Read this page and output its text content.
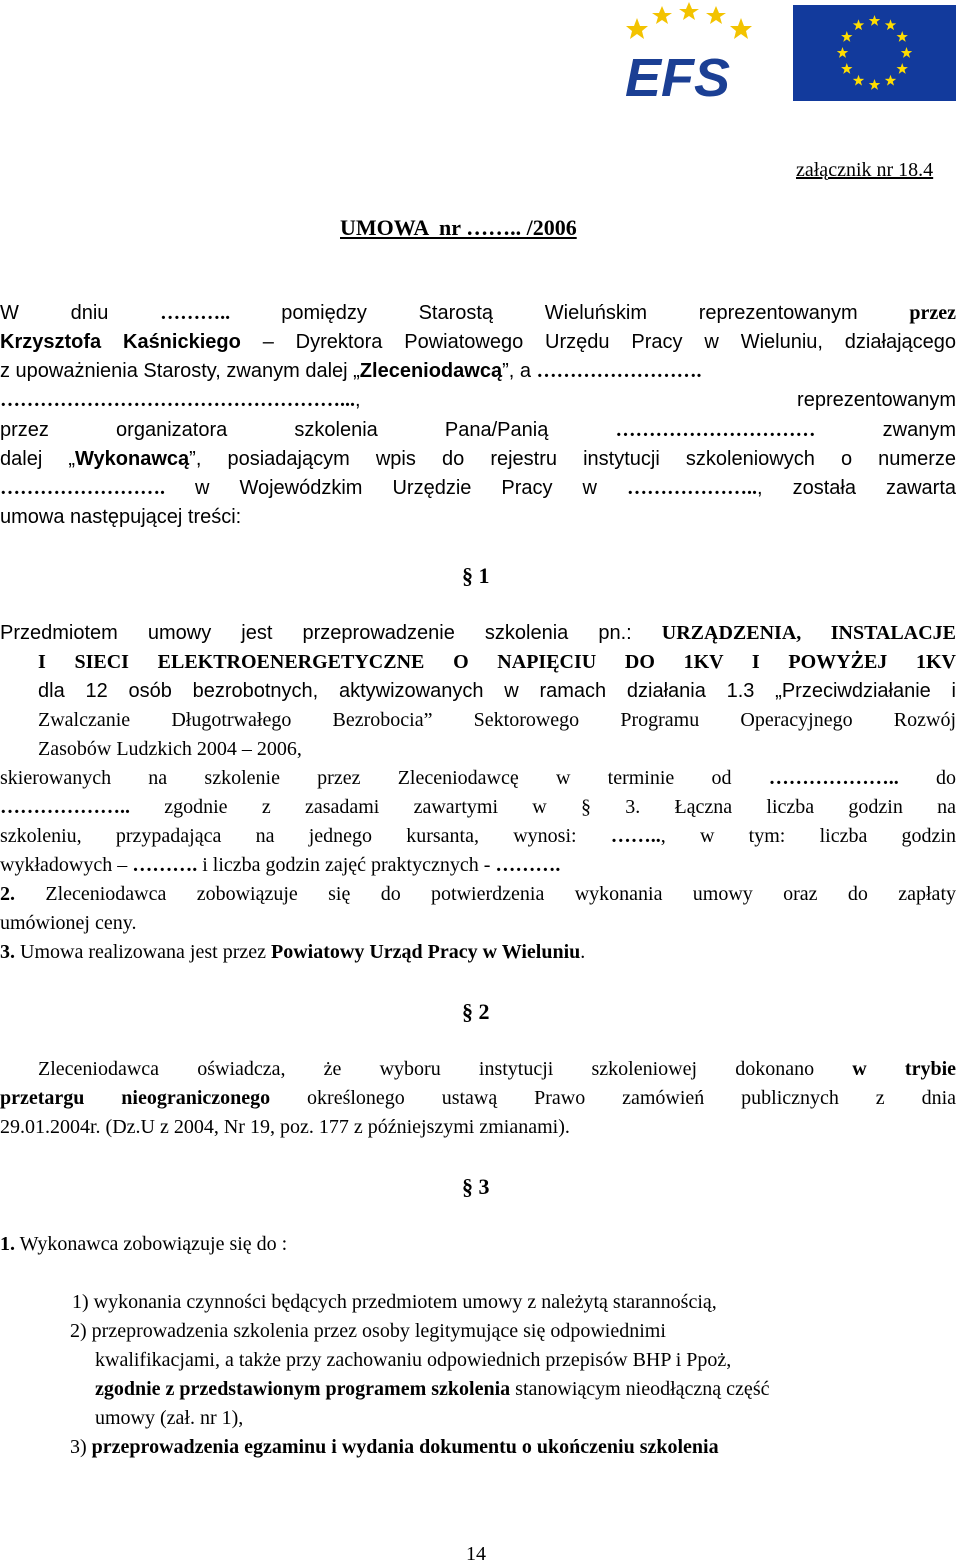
EFS
załącznik nr 18.4
UMOWA  nr …….. /2006
W dniu ……….. pomiędzy Starostą Wieluńskim reprezentowanym przez
Krzysztofa Kaśnickiego – Dyrektora Powiatowego Urzędu Pracy w Wieluniu, działającego
z upoważnienia Starosty, zwanym dalej „Zleceniodawcą”, a …………………….
……………………………………………..., reprezentowanym
przez organizatora szkolenia Pana/Panią ………………………… zwanym
dalej „Wykonawcą”, posiadającym wpis do rejestru instytucji szkoleniowych o numerze
……………………. w Wojewódzkim Urzędzie Pracy w ……………….., została zawarta
umowa następującej treści:
§ 1
Przedmiotem umowy jest przeprowadzenie szkolenia pn.: URZĄDZENIA, INSTALACJE
I SIECI ELEKTROENERGETYCZNE O NAPIĘCIU DO 1KV I POWYŻEJ 1KV
dla 12 osób bezrobotnych, aktywizowanych w ramach działania 1.3 „Przeciwdziałanie i
Zwalczanie Długotrwałego Bezrobocia” Sektorowego Programu Operacyjnego Rozwój
Zasobów Ludzkich 2004 – 2006,
skierowanych na szkolenie przez Zleceniodawcę w terminie od ……………….. do
……………….. zgodnie z zasadami zawartymi w § 3. Łączna liczba godzin na
szkoleniu, przypadająca na jednego kursanta, wynosi: …….., w tym: liczba godzin
wykładowych – ………. i liczba godzin zajęć praktycznych - ……….
2. Zleceniodawca zobowiązuje się do potwierdzenia wykonania umowy oraz do zapłaty
umówionej ceny.
3. Umowa realizowana jest przez Powiatowy Urząd Pracy w Wieluniu.
§ 2
Zleceniodawca oświadcza, że wyboru instytucji szkoleniowej dokonano w trybie
przetargu nieograniczonego określonego ustawą Prawo zamówień publicznych z dnia
29.01.2004r. (Dz.U z 2004, Nr 19, poz. 177 z późniejszymi zmianami).
§ 3
1. Wykonawca zobowiązuje się do :
1) wykonania czynności będących przedmiotem umowy z należytą starannością,
2) przeprowadzenia szkolenia przez osoby legitymujące się odpowiednimi
kwalifikacjami, a także przy zachowaniu odpowiednich przepisów BHP i Ppoż,
zgodnie z przedstawionym programem szkolenia stanowiącym nieodłączną część
umowy (zał. nr 1),
3) przeprowadzenia egzaminu i wydania dokumentu o ukończeniu szkolenia
14
